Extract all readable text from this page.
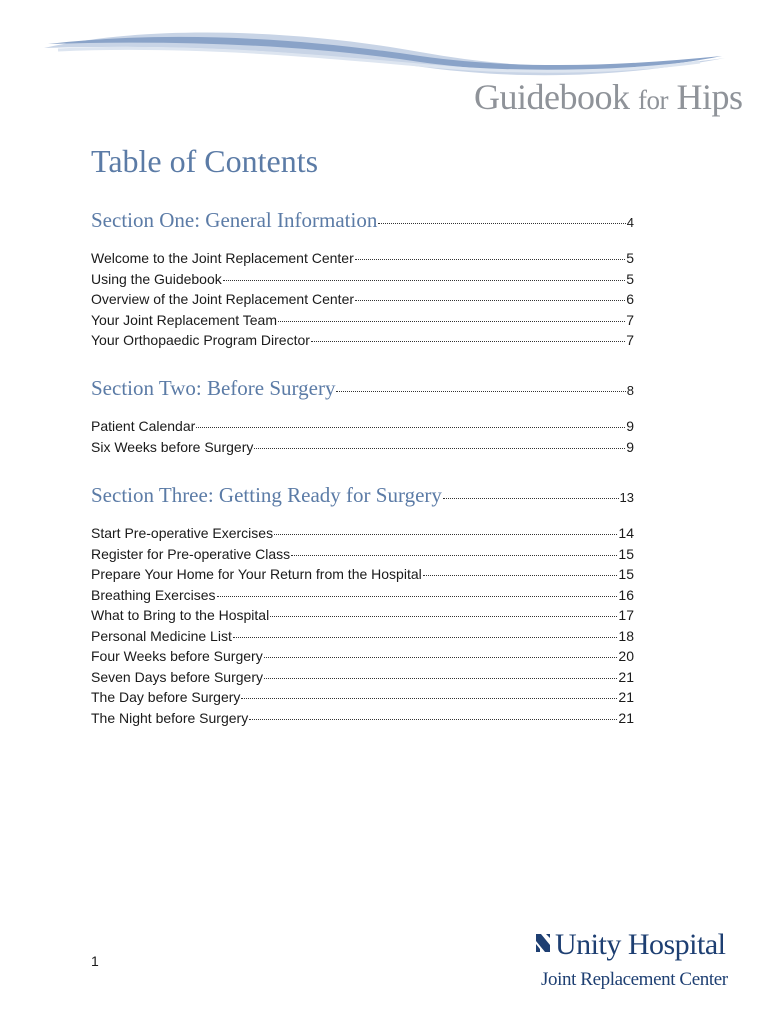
Guidebook for Hips
Table of Contents
Section One: General Information	4
Welcome to the Joint Replacement Center	5
Using the Guidebook	5
Overview of the Joint Replacement Center	6
Your Joint Replacement Team	7
Your Orthopaedic Program Director	7
Section Two: Before Surgery	8
Patient Calendar	9
Six Weeks before Surgery	9
Section Three: Getting Ready for Surgery	13
Start Pre-operative Exercises	14
Register for Pre-operative Class	15
Prepare Your Home for Your Return from the Hospital	15
Breathing Exercises	16
What to Bring to the Hospital	17
Personal Medicine List	18
Four Weeks before Surgery	20
Seven Days before Surgery	21
The Day before Surgery	21
The Night before Surgery	21
1	Unity Hospital
Joint Replacement Center
